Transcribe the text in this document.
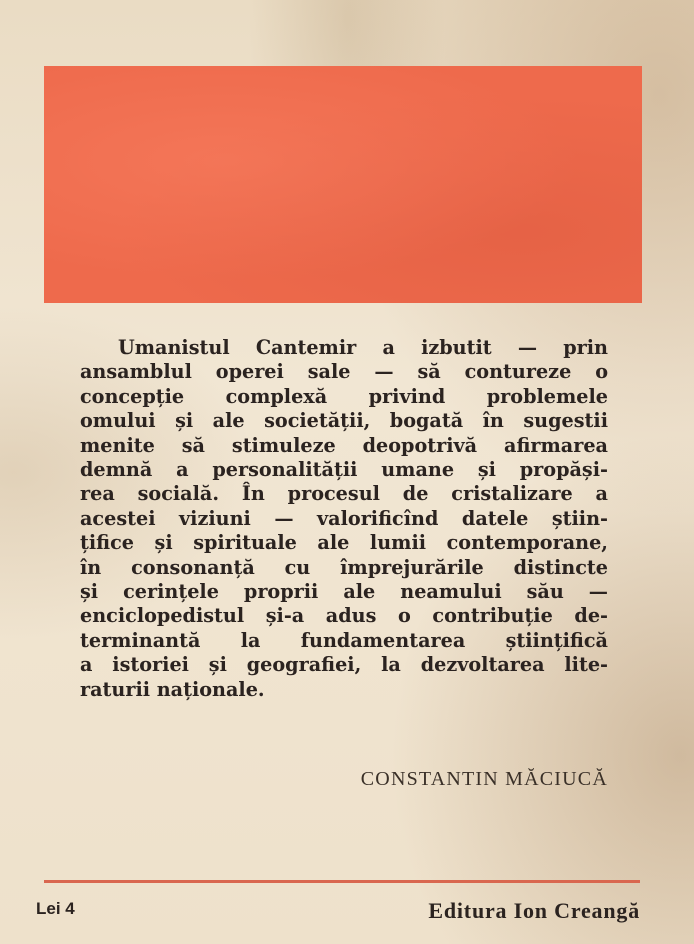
Umanistul Cantemir a izbutit — prin
ansamblul operei sale — să contureze o
concepție complexă privind problemele
omului și ale societății, bogată în sugestii
menite să stimuleze deopotrivă afirmarea
demnă a personalității umane și propăși-
rea socială. În procesul de cristalizare a
acestei viziuni — valorificînd datele știin-
țifice și spirituale ale lumii contemporane,
în consonanță cu împrejurările distincte
și cerințele proprii ale neamului său —
enciclopedistul și-a adus o contribuție de-
terminantă la fundamentarea științifică
a istoriei și geografiei, la dezvoltarea lite-
raturii naționale.

CONSTANTIN MĂCIUCĂ
Lei 4	Editura Ion Creangă
